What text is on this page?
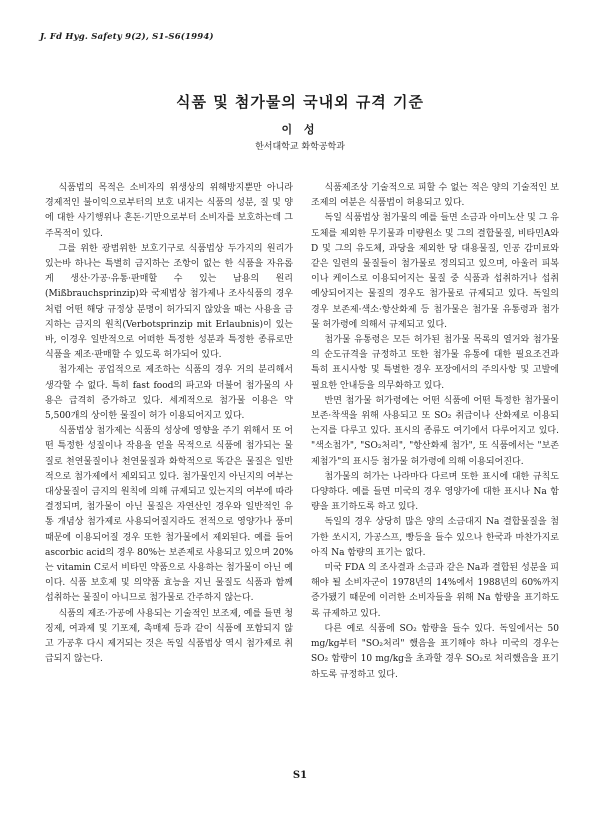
J. Fd Hyg. Safety 9(2), S1-S6(1994)
식품 및 첨가물의 국내외 규격 기준
이 성
한서대학교 화학공학과

식품법의 목적은 소비자의 위생상의 위해방지뿐만 아니라 경제적인 불이익으로부터의 보호 내지는 식품의 성분, 질 및 양에 대한 사기행위나 혼돈·기만으로부터 소비자를 보호하는데 그 주목적이 있다.

그를 위한 광범위한 보호기구로 식품법상 두가지의 원리가 있는바 하나는 특별히 금지하는 조항이 없는 한 식품을 자유롭게 생산·가공·유통·판매할 수 있는 남용의 원리(Mißbrauchsprinzip)와 국제법상 첨가제나 조사식품의 경우처럼 어떤 해당 규정상 분명이 허가되지 않았을 때는 사용을 금지하는 금지의 원칙(Verbotsprinzip mit Erlaubnis)이 있는바, 이경우 일반적으로 어떠한 특정한 성분과 특정한 종류로만 식품을 제조·판매할 수 있도록 허가되어 있다.

첨가제는 공업적으로 제조하는 식품의 경우 거의 분리해서 생각할 수 없다. 특히 fast food의 파고와 더불어 첨가물의 사용은 급격히 증가하고 있다. 세계적으로 첨가물 이용은 약 5,500개의 상이한 물질이 허가 이용되어지고 있다.

식품법상 첨가제는 식품의 성상에 영향을 주기 위해서 또 어떤 특정한 성질이나 작용을 얻을 목적으로 식품에 첨가되는 물질로 천연물질이나 천연물질과 화학적으로 똑같은 물질은 일반적으로 첨가제에서 제외되고 있다. 첨가물인지 아닌지의 여부는 대상물질이 금지의 원칙에 의해 규제되고 있는지의 여부에 따라 결정되며, 첨가물이 아닌 물질은 자연산인 경우와 일반적인 유통 개념상 첨가제로 사용되어질지라도 전적으로 영양가나 풍미 때문에 이용되어질 경우 또한 첨가물에서 제외된다. 예를 들어 ascorbic acid의 경우 80%는 보존제로 사용되고 있으며 20%는 vitamin C로서 비타민 약품으로 사용하는 첨가물이 아닌 예이다. 식품 보호제 및 의약품 효능을 지닌 물질도 식품과 함께 섭취하는 물질이 아니므로 첨가물로 간주하지 않는다.

식품의 제조·가공에 사용되는 기술적인 보조제, 예를 들면 청징제, 여과제 및 기포제, 촉매제 등과 같이 식품에 포함되지 않고 가공후 다시 제거되는 것은 독일 식품법상 역시 첨가제로 취급되지 않는다.

식품제조상 기술적으로 피할 수 없는 적은 양의 기술적인 보조제의 여분은 식품법이 허용되고 있다.

독일 식품법상 첨가물의 예를 들면 소금과 아미노산 및 그 유도체를 제외한 무기물과 미량원소 및 그의 결합물질, 비타민A와 D 및 그의 유도체, 과당을 제외한 당 대용물질, 인공 감미료와 같은 일련의 물질들이 첨가물로 정의되고 있으며, 아울러 피복이나 케이스로 이용되어지는 물질 중 식품과 섭취하거나 섭취 예상되어지는 물질의 경우도 첨가물로 규제되고 있다. 독일의 경우 보존제·색소·항산화제 등 첨가물은 첨가물 유통령과 첨가물 허가령에 의해서 규제되고 있다.

첨가물 유통령은 모든 허가된 첨가물 목록의 열거와 첨가물의 순도규격을 규정하고 또한 첨가물 유통에 대한 필요조건과 특히 표시사항 및 특별한 경우 포장에서의 주의사항 및 고발에 필요한 안내등을 의무화하고 있다.

반면 첨가물 허가령에는 어떤 식품에 어떤 특정한 첨가물이 보존·착색을 위해 사용되고 또 SO₂ 취급이나 산화제로 이용되는지를 다루고 있다. 표시의 종류도 여기에서 다루어지고 있다. "색소첨가", "SO₂처리", "항산화제 첨가", 또 식품에서는 "보존제첨가"의 표시등 첨가물 허가령에 의해 이용되어진다.

첨가물의 허가는 나라마다 다르며 또한 표시에 대한 규칙도 다양하다. 예를 들면 미국의 경우 영양가에 대한 표시나 Na 함량을 표기하도록 하고 있다.

독일의 경우 상당히 많은 양의 소금대지 Na 결합물질을 첨가한 쏘시지, 가공스프, 빵등을 들수 있으나 한국과 마찬가지로 아직 Na 함량의 표기는 없다.

미국 FDA 의 조사결과 소금과 같은 Na과 결합된 성분을 피해야 될 소비자군이 1978년의 14%에서 1988년의 60%까지 증가됐기 때문에 이러한 소비자들을 위해 Na 함량을 표기하도록 규제하고 있다.

다른 예로 식품에 SO₂ 함량을 들수 있다. 독일에서는 50 mg/kg부터 "SO₂처리" 했음을 표기해야 하나 미국의 경우는 SO₂ 함량이 10 mg/kg을 초과할 경우 SO₂로 처리했음을 표기하도록 규정하고 있다.

S1
